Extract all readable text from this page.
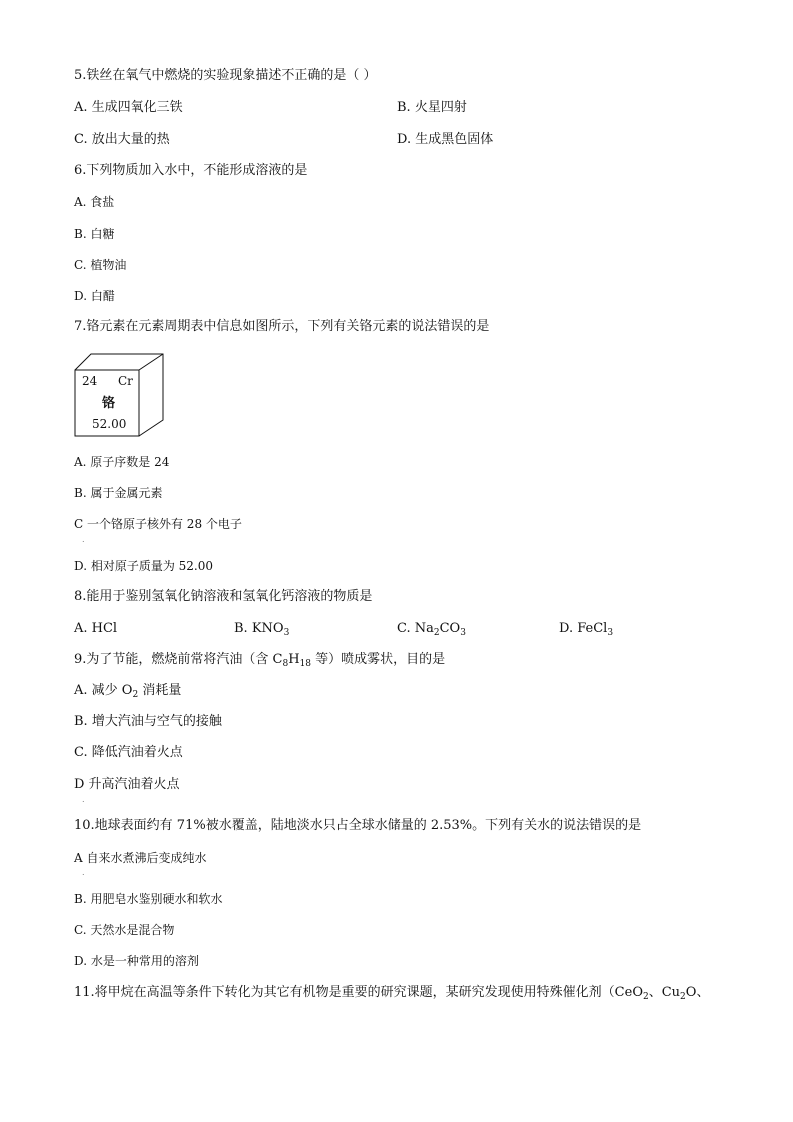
5.铁丝在氧气中燃烧的实验现象描述不正确的是（ ）
A. 生成四氧化三铁	B. 火星四射
C. 放出大量的热	D. 生成黑色固体
6.下列物质加入水中，不能形成溶液的是
A. 食盐
B. 白糖
C. 植物油
D. 白醋
7.铬元素在元素周期表中信息如图所示，下列有关铬元素的说法错误的是
24 Cr
铬
52.00
A. 原子序数是 24
B. 属于金属元素
C 一个铬原子核外有 28 个电子
.
D. 相对原子质量为 52.00
8.能用于鉴别氢氧化钠溶液和氢氧化钙溶液的物质是
A. HCl	B. $KNO_3$	C. $Na_2CO_3$	D. FeCl$_3$
9.为了节能，燃烧前常将汽油（含 $C_8H_{18}$ 等）喷成雾状，目的是
A. 减少 $O_2$ 消耗量
B. 增大汽油与空气的接触
C. 降低汽油着火点
D 升高汽油着火点
.
10.地球表面约有 71%被水覆盖，陆地淡水只占全球水储量的 2.53%。下列有关水的说法错误的是
A 自来水煮沸后变成纯水
.
B. 用肥皂水鉴别硬水和软水
C. 天然水是混合物
D. 水是一种常用的溶剂
11.将甲烷在高温等条件下转化为其它有机物是重要的研究课题，某研究发现使用特殊催化剂（CeO$_2$、$Cu_2O$、
